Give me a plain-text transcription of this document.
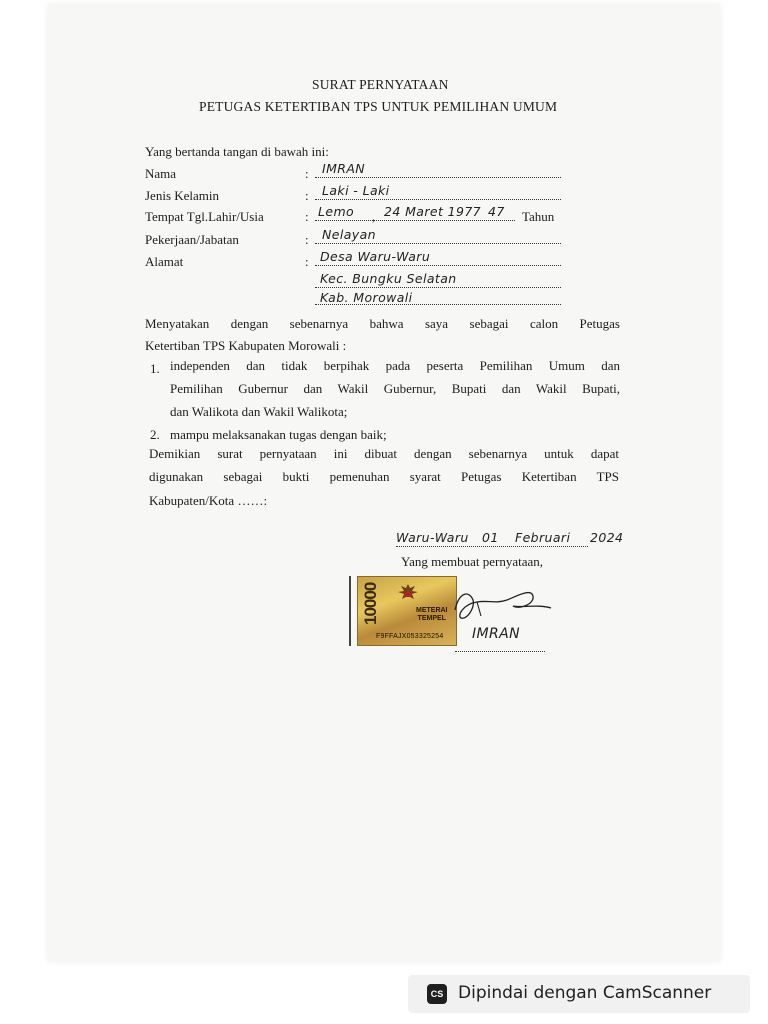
SURAT PERNYATAAN
PETUGAS KETERTIBAN TPS UNTUK PEMILIHAN UMUM
Yang bertanda tangan di bawah ini:
Nama	: IMRAN
Jenis Kelamin	: Laki - Laki
Tempat Tgl.Lahir/Usia	: Lemo , 24 Maret 1977 47 Tahun
Pekerjaan/Jabatan	: Nelayan
Alamat	: Desa Waru-Waru
Kec. Bungku Selatan
Kab. Morowali
Menyatakan dengan sebenarnya bahwa saya sebagai calon Petugas
Ketertiban TPS Kabupaten Morowali :
1. independen dan tidak berpihak pada peserta Pemilihan Umum dan
Pemilihan Gubernur dan Wakil Gubernur, Bupati dan Wakil Bupati,
dan Walikota dan Wakil Walikota;
2. mampu melaksanakan tugas dengan baik;
Demikian surat pernyataan ini dibuat dengan sebenarnya untuk dapat
digunakan sebagai bukti pemenuhan syarat Petugas Ketertiban TPS
Kabupaten/Kota ……:
Waru-Waru 01 Februari 2024
Yang membuat pernyataan,
10000	METERAI
TEMPEL
F9FFAJX053325254 IMRAN
CS Dipindai dengan CamScanner
